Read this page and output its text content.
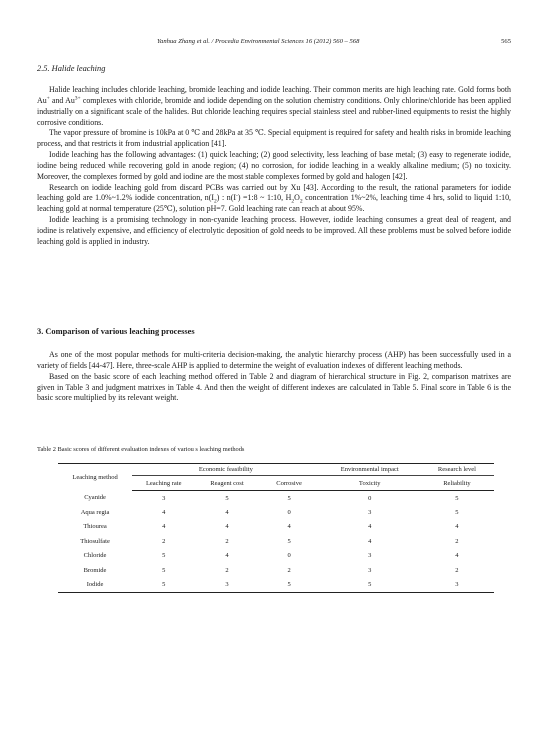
Yanhua Zhang et al. / Procedia Environmental Sciences 16 (2012) 560 – 568	565
2.5. Halide leaching

Halide leaching includes chloride leaching, bromide leaching and iodide leaching. Their common merits are high leaching rate. Gold forms both Au+ and $Au^{3+}$ complexes with chloride, bromide and iodide depending on the solution chemistry conditions. Only chlorine/chloride has been applied industrially on a significant scale of the halides. But chloride leaching requires special stainless steel and rubber-lined equipments to resist the highly corrosive conditions.

The vapor pressure of bromine is 10kPa at 0 ℃ and 28kPa at 35 ℃. Special equipment is required for safety and health risks in bromide leaching process, and that restricts it from industrial application [41].

Iodide leaching has the following advantages: (1) quick leaching; (2) good selectivity, less leaching of base metal; (3) easy to regenerate iodide, iodine being reduced while recovering gold in anode region; (4) no corrosion, for iodide leaching in a weakly alkaline medium; (5) no toxicity. Moreover, the complexes formed by gold and iodine are the most stable complexes formed by gold and halogen [42].

Research on iodide leaching gold from discard PCBs was carried out by Xu [43]. According to the result, the rational parameters for iodide leaching gold are 1.0%~1.2% iodide concentration, $n(I_2)$ : n(I-) =1:8 ~ 1:10, $H_2O_2$ concentration 1%~2%, leaching time 4 hrs, solid to liquid 1:10, leaching gold at normal temperature (25℃), solution pH=7. Gold leaching rate can reach at about 95%.

Iodide leaching is a promising technology in non-cyanide leaching process. However, iodide leaching consumes a great deal of reagent, and iodine is relatively expensive, and efficiency of electrolytic deposition of gold needs to be improved. All these problems must be solved before iodide leaching gold is applied in industry.

3. Comparison of various leaching processes

As one of the most popular methods for multi-criteria decision-making, the analytic hierarchy process (AHP) has been successfully used in a variety of fields [44-47]. Here, three-scale AHP is applied to determine the weight of evaluation indexes of different leaching methods.

Based on the basic score of each leaching method offered in Table 2 and diagram of hierarchical structure in Fig. 2, comparison matrixes are given in Table 3 and judgment matrixes in Table 4. And then the weight of different indexes are calculated in Table 5. Final score in Table 6 is the basic score multiplied by its relevant weight.

Table 2 Basic scores of different evaluation indexes of variou s leaching methods
Leaching method	Economic feasibility			Environmental impact	Research level
	Leaching rate	Reagent cost	Corrosive	Toxicity	Reliability
Cyanide	3	5	5	0	5
Aqua regia	4	4	0	3	5
Thiourea	4	4	4	4	4
Thiosulfate	2	2	5	4	2
Chloride	5	4	0	3	4
Bromide	5	2	2	3	2
Iodide	5	3	5	5	3
